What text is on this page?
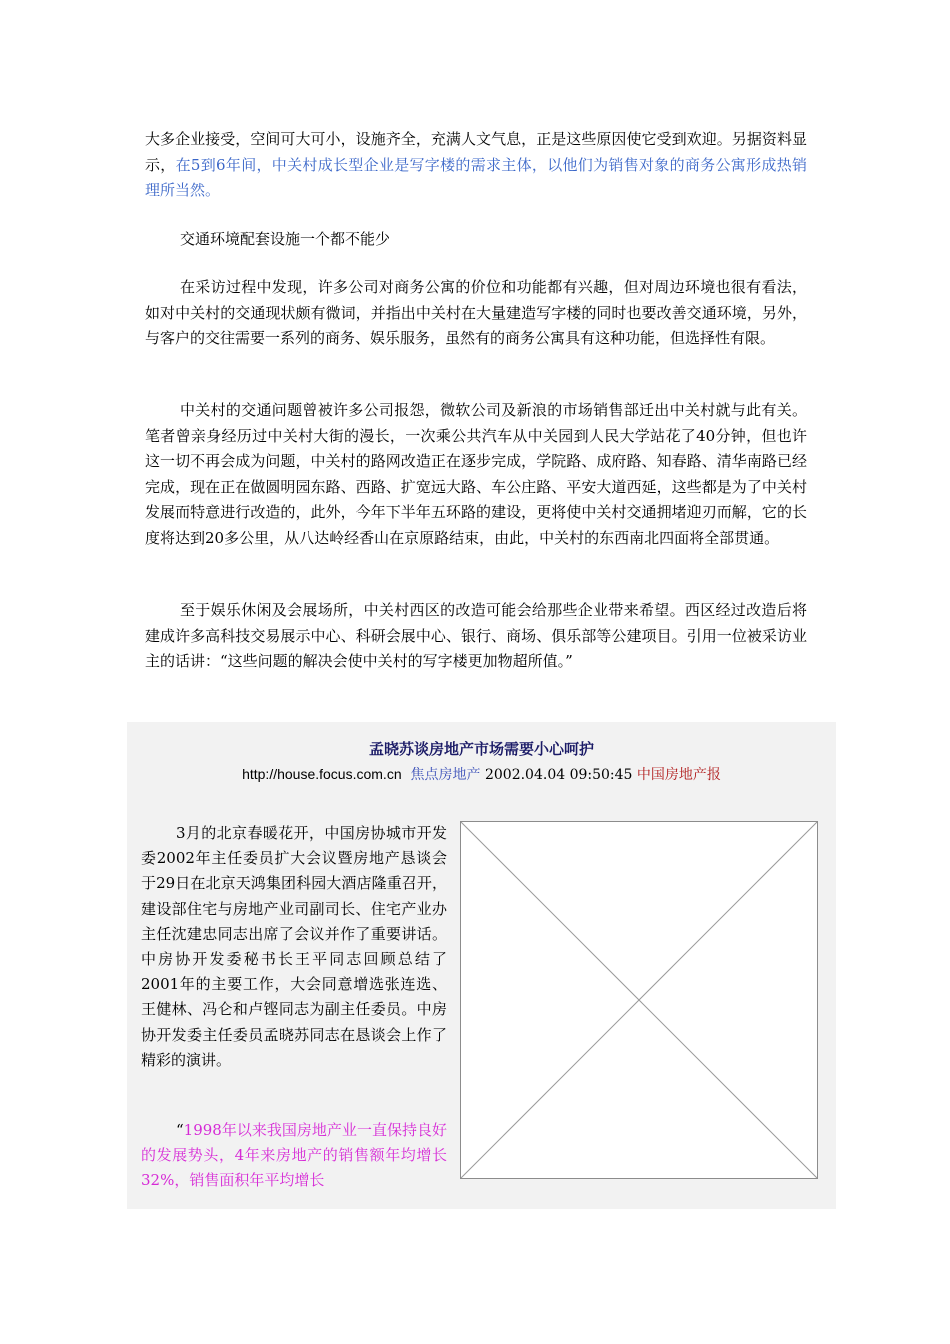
大多企业接受，空间可大可小，设施齐全，充满人文气息，正是这些原因使它受到欢迎。另据资料显示，在5到6年间，中关村成长型企业是写字楼的需求主体，以他们为销售对象的商务公寓形成热销理所当然。

交通环境配套设施一个都不能少

在采访过程中发现，许多公司对商务公寓的价位和功能都有兴趣，但对周边环境也很有看法，如对中关村的交通现状颇有微词，并指出中关村在大量建造写字楼的同时也要改善交通环境，另外，与客户的交往需要一系列的商务、娱乐服务，虽然有的商务公寓具有这种功能，但选择性有限。

中关村的交通问题曾被许多公司报怨，微软公司及新浪的市场销售部迁出中关村就与此有关。笔者曾亲身经历过中关村大街的漫长，一次乘公共汽车从中关园到人民大学站花了40分钟，但也许这一切不再会成为问题，中关村的路网改造正在逐步完成，学院路、成府路、知春路、清华南路已经完成，现在正在做圆明园东路、西路、扩宽远大路、车公庄路、平安大道西延，这些都是为了中关村发展而特意进行改造的，此外，今年下半年五环路的建设，更将使中关村交通拥堵迎刃而解，它的长度将达到20多公里，从八达岭经香山在京原路结束，由此，中关村的东西南北四面将全部贯通。

至于娱乐休闲及会展场所，中关村西区的改造可能会给那些企业带来希望。西区经过改造后将建成许多高科技交易展示中心、科研会展中心、银行、商场、俱乐部等公建项目。引用一位被采访业主的话讲：“这些问题的解决会使中关村的写字楼更加物超所值。”

孟晓苏谈房地产市场需要小心呵护

http://house.focus.com.cn 焦点房地产 2002.04.04 09:50:45 中国房地产报

3月的北京春暖花开，中国房协城市开发委2002年主任委员扩大会议暨房地产恳谈会于29日在北京天鸿集团科园大酒店隆重召开，建设部住宅与房地产业司副司长、住宅产业办主任沈建忠同志出席了会议并作了重要讲话。中房协开发委秘书长王平同志回顾总结了2001年的主要工作，大会同意增选张连选、王健林、冯仑和卢铿同志为副主任委员。中房协开发委主任委员孟晓苏同志在恳谈会上作了精彩的演讲。

“1998年以来我国房地产业一直保持良好的发展势头，4年来房地产的销售额年均增长32%，销售面积年平均增长
